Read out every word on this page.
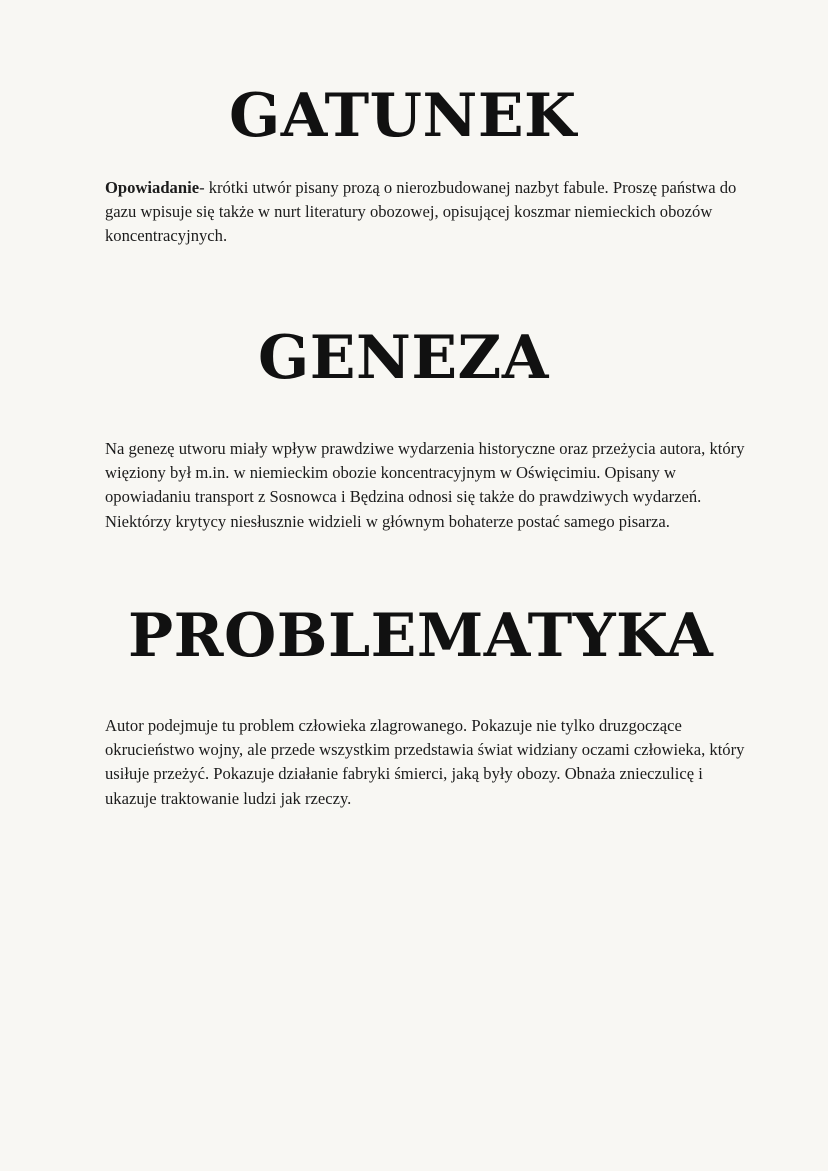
GATUNEK

Opowiadanie- krótki utwór pisany prozą o nierozbudowanej nazbyt fabule. Proszę państwa do gazu wpisuje się także w nurt literatury obozowej, opisującej koszmar niemieckich obozów koncentracyjnych.

GENEZA

Na genezę utworu miały wpływ prawdziwe wydarzenia historyczne oraz przeżycia autora, który więziony był m.in. w niemieckim obozie koncentracyjnym w Oświęcimiu. Opisany w opowiadaniu transport z Sosnowca i Będzina odnosi się także do prawdziwych wydarzeń. Niektórzy krytycy niesłusznie widzieli w głównym bohaterze postać samego pisarza.

PROBLEMATYKA

Autor podejmuje tu problem człowieka zlagrowanego. Pokazuje nie tylko druzgoczące okrucieństwo wojny, ale przede wszystkim przedstawia świat widziany oczami człowieka, który usiłuje przeżyć. Pokazuje działanie fabryki śmierci, jaką były obozy. Obnaża znieczulicę i ukazuje traktowanie ludzi jak rzeczy.
